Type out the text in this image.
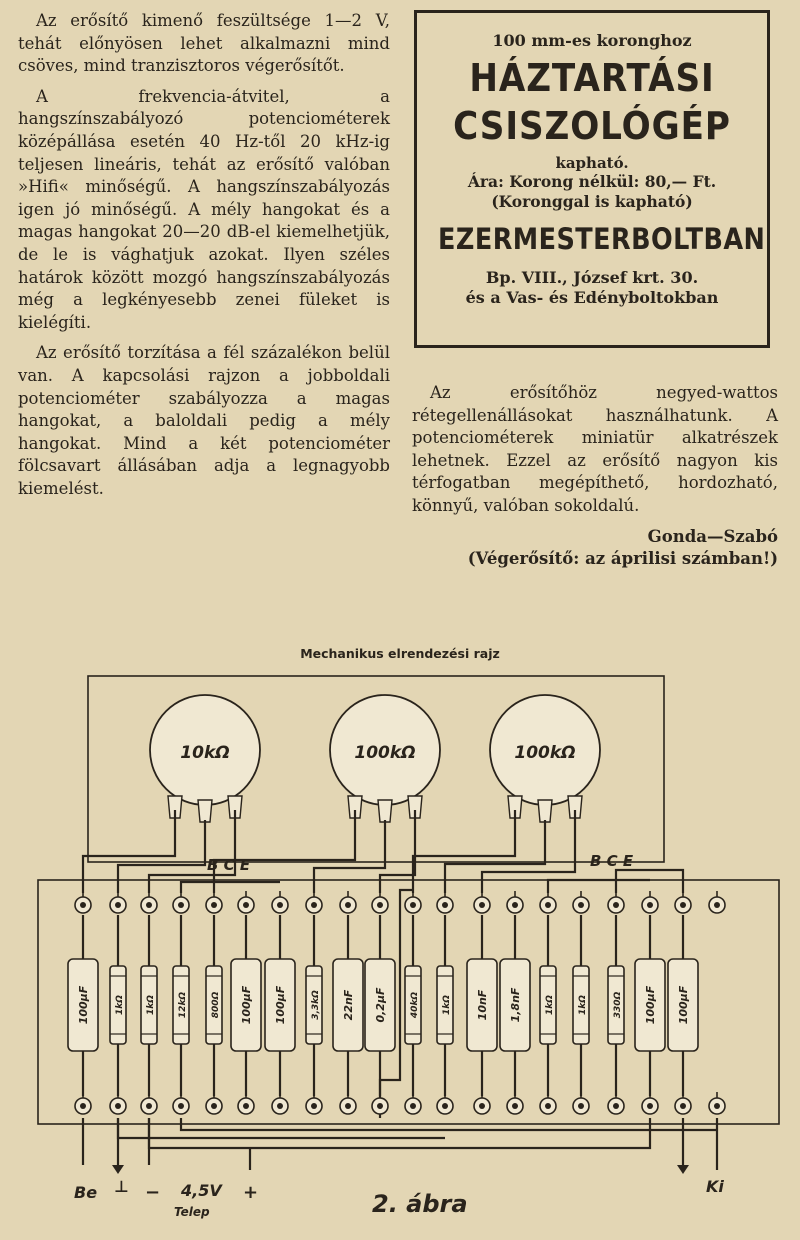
Az erősítő kimenő feszültsége 1—2 V, tehát előnyösen lehet alkalmazni mind csöves, mind tranzisztoros végerősítőt.

A frekvencia-átvitel, a hangszínszabályozó potenciométerek középállása esetén 40 Hz-től 20 kHz-ig teljesen lineáris, tehát az erősítő valóban »Hifi« minőségű. A hangszínszabályozás igen jó minőségű. A mély hangokat és a magas hangokat 20—20 dB-el kiemelhetjük, de le is vághatjuk azokat. Ilyen széles határok között mozgó hangszínszabályozás még a legkényesebb zenei füleket is kielégíti.

Az erősítő torzítása a fél százalékon belül van. A kapcsolási rajzon a jobboldali potenciométer szabályozza a magas hangokat, a baloldali pedig a mély hangokat. Mind a két potenciométer fölcsavart állásában adja a legnagyobb kiemelést.

100 mm-es koronghoz
HÁZTARTÁSI
CSISZOLÓGÉP
kapható.
Ára: Korong nélkül: 80,— Ft.
(Koronggal is kapható)
EZERMESTERBOLTBAN
Bp. VIII., József krt. 30.
és a Vas- és Edényboltokban

Az erősítőhöz negyed-wattos rétegellenállásokat használhatunk. A potenciométerek miniatür alkatrészek lehetnek. Ezzel az erősítő nagyon kis térfogatban megépíthető, hordozható, könnyű, valóban sokoldalú.

Gonda—Szabó

(Végerősítő: az áprilisi számban!)

Mechanikus elrendezési rajz
10kΩ	100kΩ	100kΩ
100µF	1kΩ 1kΩ 12kΩ	800Ω 100µF 100µF	3,3kΩ 22nF 0,2µF	40kΩ 1kΩ 10nF 1,8nF	1kΩ	1kΩ	330Ω 100µF 100µF
B C E	B C E
Be ⊥ − 4,5V +
Telep
Ki
2. ábra
